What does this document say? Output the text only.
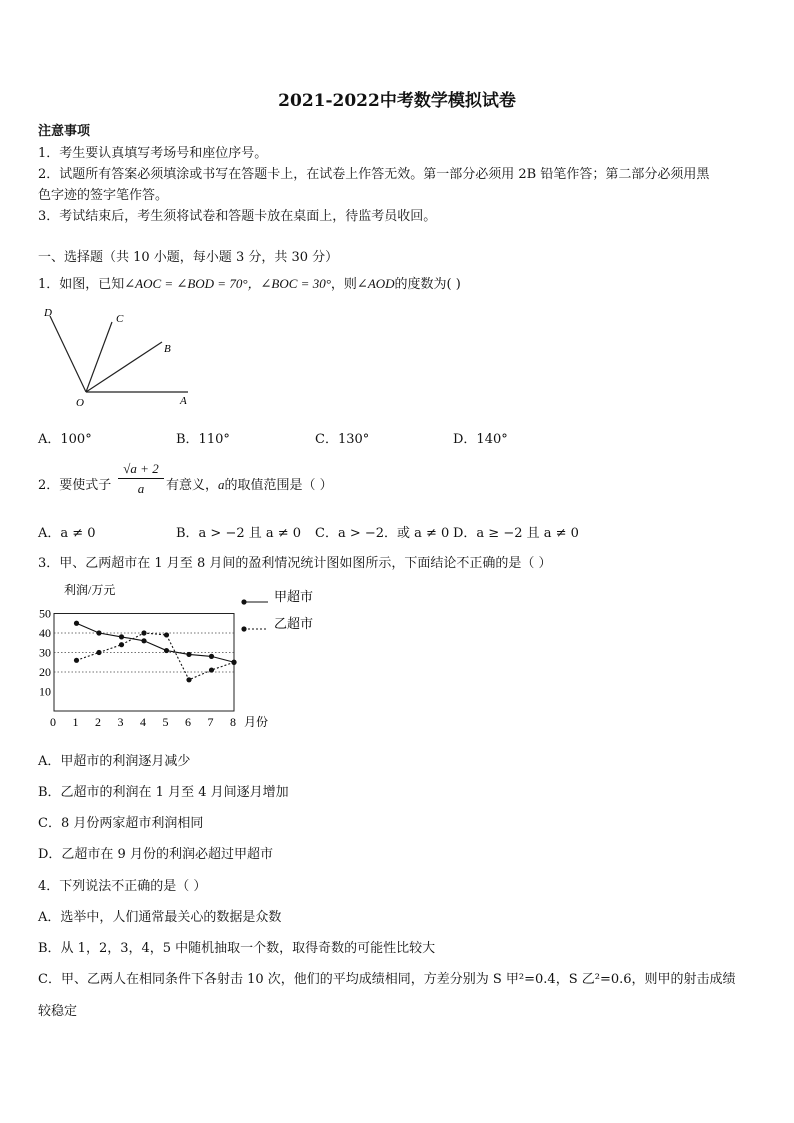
2021-2022中考数学模拟试卷
注意事项
1．考生要认真填写考场号和座位序号。
2．试题所有答案必须填涂或书写在答题卡上，在试卷上作答无效。第一部分必须用 2B 铅笔作答；第二部分必须用黑
色字迹的签字笔作答。
3．考试结束后，考生须将试卷和答题卡放在桌面上，待监考员收回。
一、选择题（共 10 小题，每小题 3 分，共 30 分）
1．如图，已知∠AOC = ∠BOD = 70°，∠BOC = 30°，则∠AOD的度数为( )
D	C
B
O	A
A．100°	B．110°	C．130°	D．140°
2．要使式子 $\frac{√a + 2}{a}$ 有意义，a的取值范围是（ ）
A．a ≠ 0	B．a > −2 且 a ≠ 0 C．a > −2．或 a ≠ 0 D．a ≥ −2 且 a ≠ 0
3．甲、乙两超市在 1 月至 8 月间的盈利情况统计图如图所示，下面结论不正确的是（ ）
利润/万元
月份
10
20
30
40
50
0 1 2 3 4 5 6 7 8
甲超市
乙超市
A．甲超市的利润逐月减少
B．乙超市的利润在 1 月至 4 月间逐月增加
C．8 月份两家超市利润相同
D．乙超市在 9 月份的利润必超过甲超市
4．下列说法不正确的是（ ）
A．选举中，人们通常最关心的数据是众数
B．从 1，2，3，4，5 中随机抽取一个数，取得奇数的可能性比较大
C．甲、乙两人在相同条件下各射击 10 次，他们的平均成绩相同，方差分别为 S 甲²=0.4，S 乙²=0.6，则甲的射击成绩
较稳定
